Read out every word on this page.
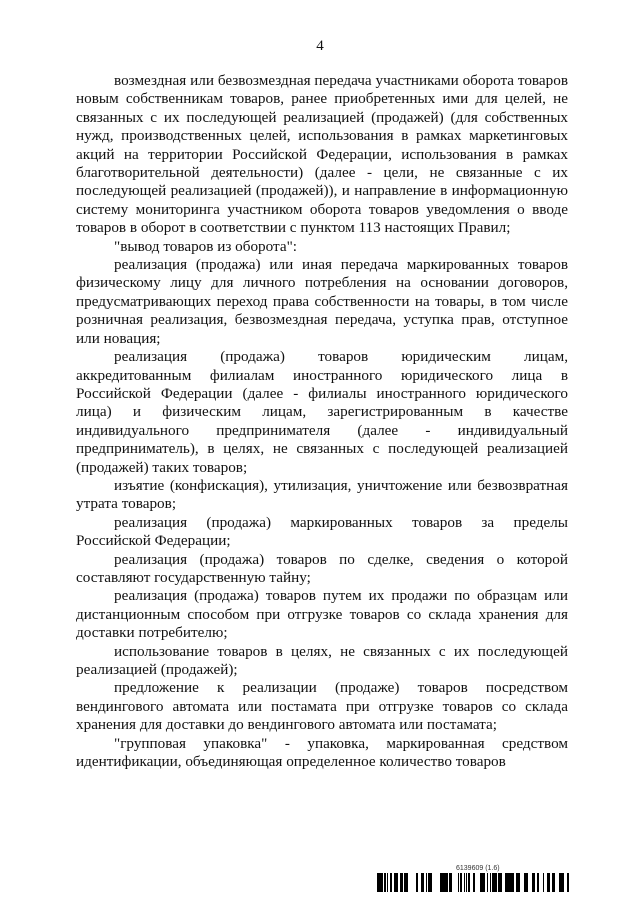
4

возмездная или безвозмездная передача участниками оборота товаров новым собственникам товаров, ранее приобретенных ими для целей, не связанных с их последующей реализацией (продажей) (для собственных нужд, производственных целей, использования в рамках маркетинговых акций на территории Российской Федерации, использования в рамках благотворительной деятельности) (далее - цели, не связанные с их последующей реализацией (продажей)), и направление в информационную систему мониторинга участником оборота товаров уведомления о вводе товаров в оборот в соответствии с пунктом 113 настоящих Правил;

"вывод товаров из оборота":

реализация (продажа) или иная передача маркированных товаров физическому лицу для личного потребления на основании договоров, предусматривающих переход права собственности на товары, в том числе розничная реализация, безвозмездная передача, уступка прав, отступное или новация;

реализация (продажа) товаров юридическим лицам, аккредитованным филиалам иностранного юридического лица в Российской Федерации (далее - филиалы иностранного юридического лица) и физическим лицам, зарегистрированным в качестве индивидуального предпринимателя (далее - индивидуальный предприниматель), в целях, не связанных с последующей реализацией (продажей) таких товаров;

изъятие (конфискация), утилизация, уничтожение или безвозвратная утрата товаров;

реализация (продажа) маркированных товаров за пределы Российской Федерации;

реализация (продажа) товаров по сделке, сведения о которой составляют государственную тайну;

реализация (продажа) товаров путем их продажи по образцам или дистанционным способом при отгрузке товаров со склада хранения для доставки потребителю;

использование товаров в целях, не связанных с их последующей реализацией (продажей);

предложение к реализации (продаже) товаров посредством вендингового автомата или постамата при отгрузке товаров со склада хранения для доставки до вендингового автомата или постамата;

"групповая упаковка" - упаковка, маркированная средством идентификации, объединяющая определенное количество товаров

6139609 (1.6)
